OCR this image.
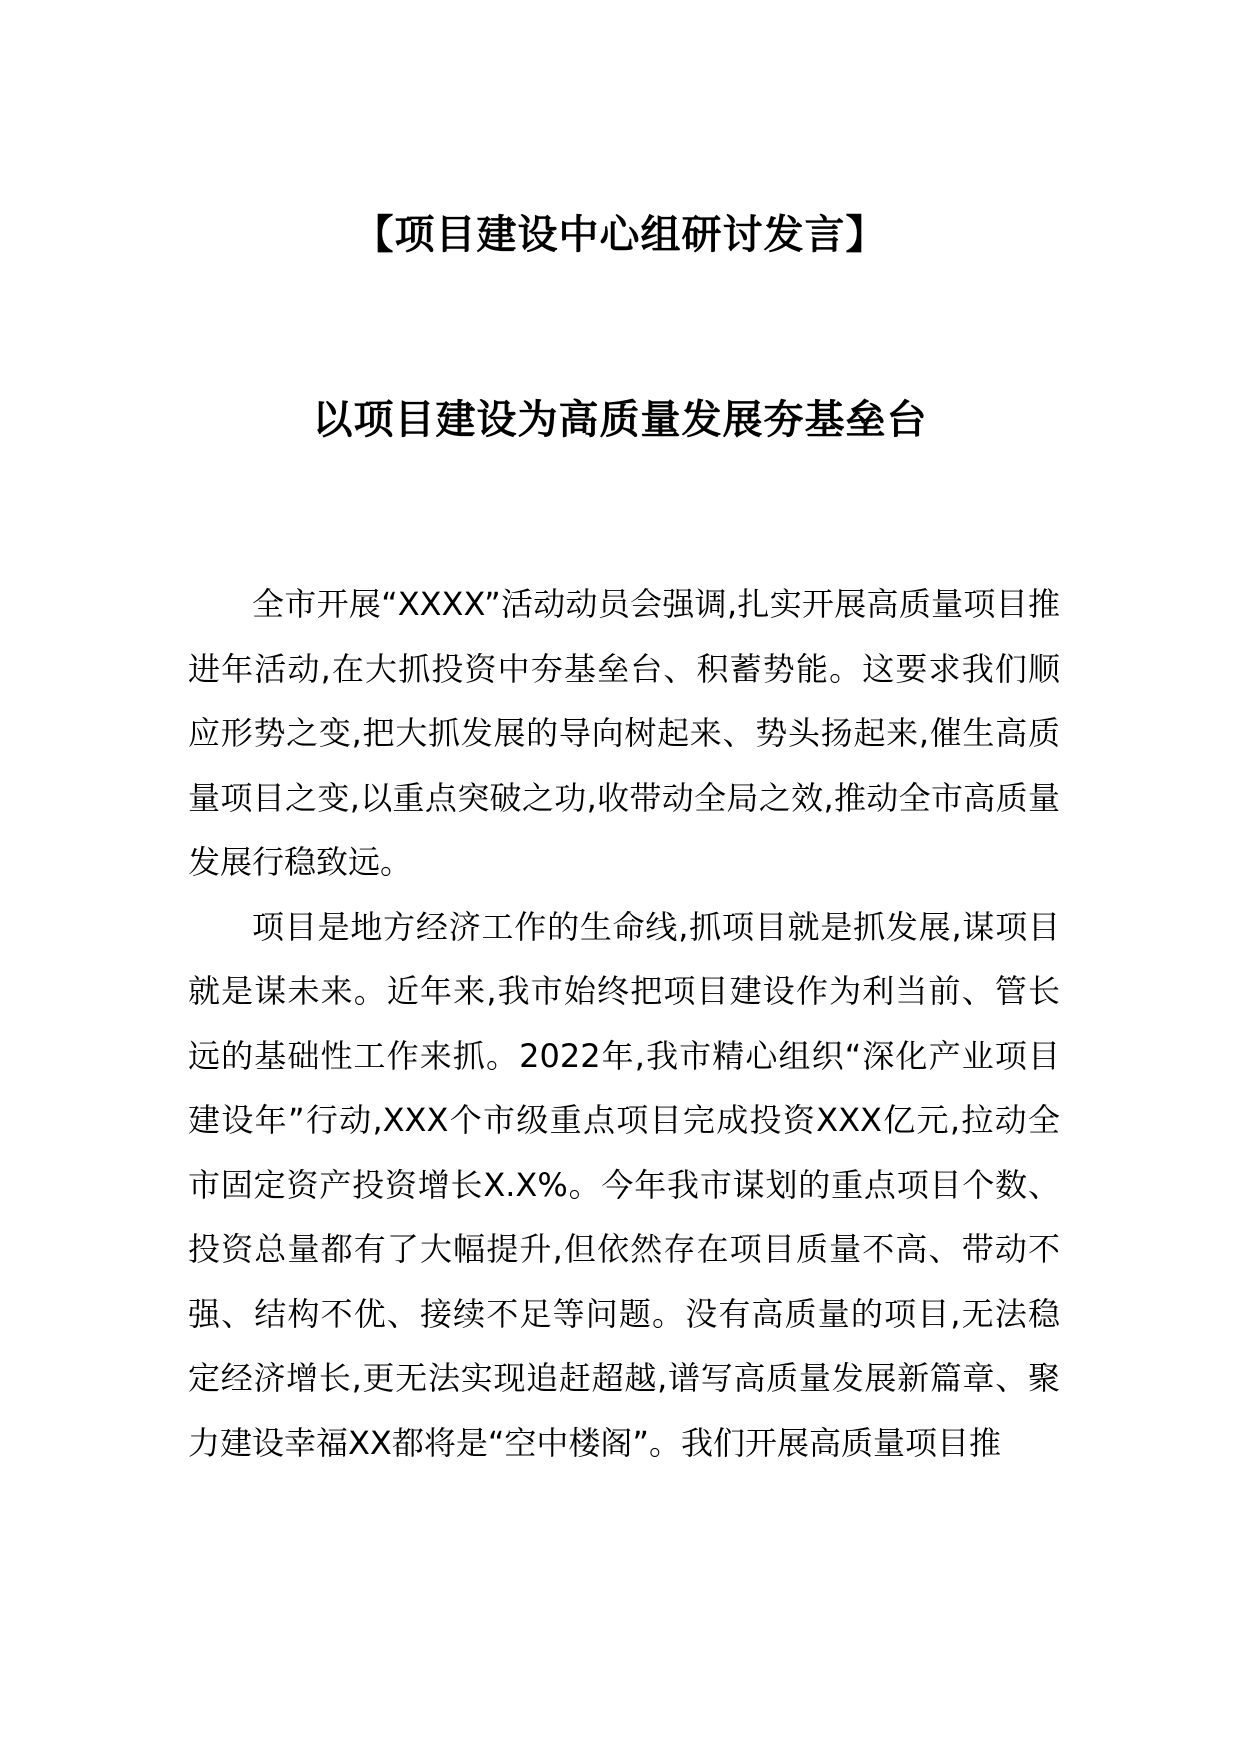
【项目建设中心组研讨发言】
以项目建设为高质量发展夯基垒台

全市开展“XXXX”活动动员会强调,扎实开展高质量项目推进年活动,在大抓投资中夯基垒台、积蓄势能。这要求我们顺应形势之变,把大抓发展的导向树起来、势头扬起来,催生高质量项目之变,以重点突破之功,收带动全局之效,推动全市高质量发展行稳致远。

项目是地方经济工作的生命线,抓项目就是抓发展,谋项目就是谋未来。近年来,我市始终把项目建设作为利当前、管长远的基础性工作来抓。2022年,我市精心组织“深化产业项目建设年”行动,XXX个市级重点项目完成投资XXX亿元,拉动全市固定资产投资增长X.X%。今年我市谋划的重点项目个数、投资总量都有了大幅提升,但依然存在项目质量不高、带动不强、结构不优、接续不足等问题。没有高质量的项目,无法稳定经济增长,更无法实现追赶超越,谱写高质量发展新篇章、聚力建设幸福XX都将是“空中楼阁”。我们开展高质量项目推
